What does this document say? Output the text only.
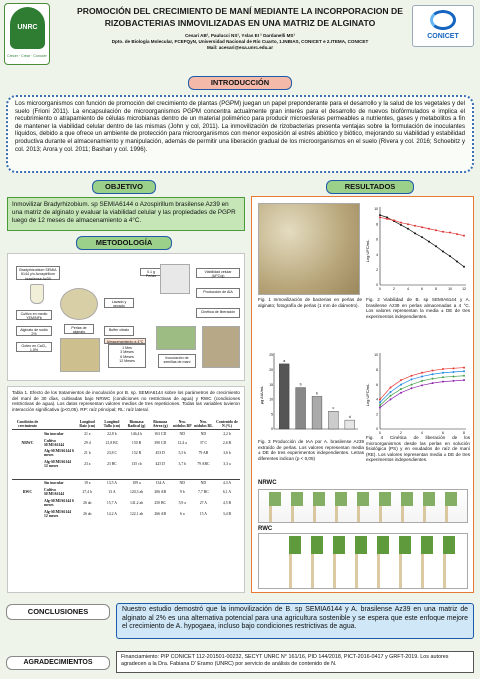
UNRC
Crecer · Crear · Conocer
PROMOCIÓN DEL CRECIMIENTO DE MANÍ MEDIANTE LA INCORPORACION DE RIZOBACTERIAS INMOVILIZADAS EN UNA MATRIZ DE ALGINATO
Cesari AB¹, Paulucci NS¹, Yslas EI ² Dardanelli MS¹
Dpto. de Biología Molecular, FCEFQyN, Universidad Nacional de Río Cuarto, 1.INBIAS, CONICET e 2.ITEMA, CONICET
Mail: acesari@exa.unrc.edu.ar
CONICET
INTRODUCCIÓN
Los microorganismos con función de promoción del crecimiento de plantas (PGPM) juegan un papel preponderante para el desarrollo y la salud de los vegetales y del suelo (Frioni 2011). La encapsulación de microorganismos PGPM concentra actualmente gran interés para el desarrollo de nuevos biofórmulados e implica el recubrimiento o atrapamiento de células microbianas dentro de un material polimérico para producir microesferas permeables a nutrientes, gases y metabolitos a fin de mantener la viabilidad celular dentro de las mismas (John y col, 2011). La inmovilización de rizobacterias presenta ventajas sobre la formulación de inoculantes líquidos, debido a que ofrece un ambiente de protección para microorganismos con menor exposición al estrés abiótico y biótico, mejorando su viabilidad y estabilidad productiva durante el almacenamiento y manipulación, además de permitir una liberación gradual de los microorganismos en el suelo (Rivera y col. 2016; Schoebitz y col. 2013; Arora y col. 2011; Bashan y col. 1996).
OBJETIVO
Inmovilizar Bradyrhizobium. sp SEMIA6144 o Azospirillum brasilense Az39 en una matriz de alginato y evaluar la viabilidad celular y las propiedades de PGPR luego de 12 meses de almacenamiento a 4°C.
METODOLOGÍA
Bradyrhizobium SEMIA 6144 y/o Azospirillum brasilense Az39
Cultivo en medio YEM/NFb
Alginato de sodio 2%
Goteo en CaCl₂ 1.5%
Perlas de alginato
Lavado y secado
Buffer citrato
1 Mes
3 Meses
6 Meses
12 Meses
Almacenamiento a 4°C
0.1 g Perlas
Viabilidad celular (UFC/g)
Producción de AIA
Cinética de liberación
Inoculación de semillas de maní
Tabla 1. Efecto de los tratamientos de inoculación por B. sp. SEMIA6144 sobre los parámetros de crecimiento del maní de 30 días, cultivadas bajo NRWC (condiciones no restrictivas de agua) y RWC (condiciones restrictivas de agua). Los datos representan valores medios de tres repeticiones. Todas las variables tuvieron interacción significativa (p<0,05). RP: raíz principal; RL: raíz lateral.
Condición de crecimiento		Longitud Raíz (cm)	Longitud Tallo (cm)	Biomasa Radical (g)	Biomasa Aérea (g)	Nro. nódulos RP	Nro. nódulos RL	Contenido de N (%)
	Sin inocular	21 a	22,8 b	146,4 b	163 CD	ND	ND	2,2 b
NRWC	Cultivo SEMIA6144	29 d	21,8 BC	150 B	390 CD	12,4 a	37 C	2,6 B
	Alg-SEMIA6144 6 meses	21 b	23,8 C	152 B	453 D	5,5 b	79 AB	3,6 b
	Alg-SEMIA6144 12 meses	23 a	23 BC	135 cb	425 D	3,7 b	79 ABC	3,3 a

	Sin inocular	19 a	13,5 A	109 a	134 A	ND	ND	4,3 A
RWC	Cultivo SEMIA6144	27,4 b	13 A	120,3 ab	206 AB	9 b	7,7 BC	6,1 A
	Alg-SEMIA6144 6 meses	26 ab	15,7 A	141,2 ab	250 BC	5,9 a	27 A	4,5 B
	Alg-SEMIA6144 12 meses	26 ab	14,2 A	122,1 ab	266 AB	6 a	15 A	3,4 B

RESULTADOS
Fig. 1 Inmovilización de bacterias en perlas de alginato; fotografía de perlas (1 mm de diámetro).
Log UFC/mL
0
2
4
6
8
10
0	2	4	6	8	10	12
Fig. 2 Viabilidad de B. sp SEMIA6144 y A. brasilense Az39 en perlas almacenadas a 4 °C. Los valores representan la media ± DE de tres experimentos independientes.
µg AIA/mL
0
5
10
15
20
25
a
b
b
c
d
Fig. 3 Producción de IAA por A. brasilense Az39 extraído de perlas. Los valores representan media ± DE de tres experimentos independientes. Letras diferentes indican (p < 0,05)
Log UFC/mL
0
2
4
6
8
10
0	2	4	6	8
Fig. 4 Cinética de liberación de los microorganismos desde las perlas en solución fisiológica (PS) y en exudados de raíz de maní (RE). Los valores representan media ± DE de tres experimentos independientes.
NRWC
RWC
CONCLUSIONES	Nuestro estudio demostró que la inmovilización de B. sp SEMIA6144 y A. brasilense Az39 en una matriz de alginato al 2% es una alternativa potencial para una agricultura sostenible y se espera que este enfoque mejore el crecimiento de A. hypogaea, incluso bajo condiciones restrictivas de agua.
AGRADECIMIENTOS
Financiamiento: PIP CONICET 112-201501-00232, SECYT UNRC N° 161/16, PID 144/2018, PICT-2016-0417 y GRFT-2019. Los autores agradecen a la Dra. Fabiana D' Eramo (UNRC) por servicio de análisis de contenido de N.
